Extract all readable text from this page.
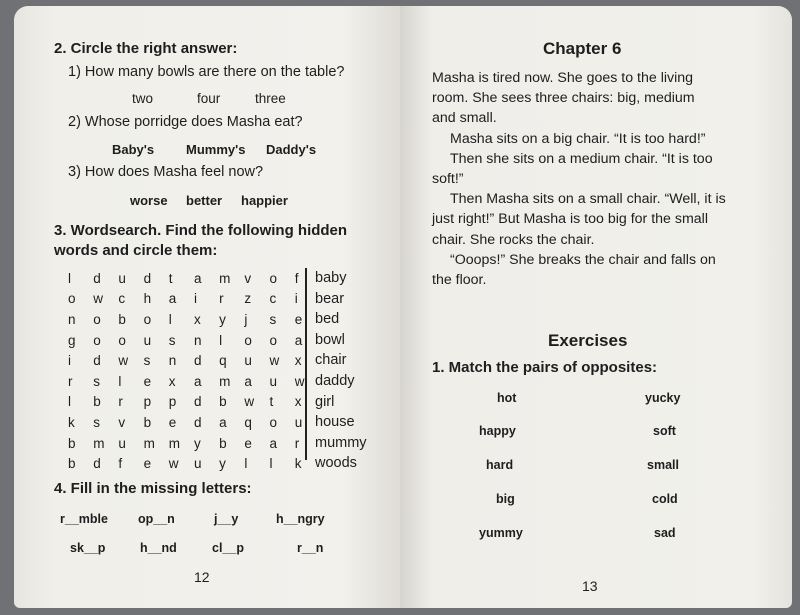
2. Circle the right answer:
1) How many bowls are there on the table?
two	four	three
2) Whose porridge does Masha eat?
Baby's Mummy's Daddy's
3) How does Masha feel now?
worse better happier
3. Wordsearch. Find the following hidden
words and circle them:
l	d	u	d	t	a	m	v	o	f
o	w	c	h	a	i	r	z	c	i
n	o	b	o	l	x	y	j	s	e
g	o	o	u	s	n	l	o	o	a
i	d	w	s	n	d	q	u	w	x
r	s	l	e	x	a	m	a	u	w
l	b	r	p	p	d	b	w	t	x
k	s	v	b	e	d	a	q	o	u
b	m	u	m	m	y	b	e	a	r
b	d	f	e	w	u	y	l	l	k
baby
bear
bed
bowl
chair
daddy
girl
house
mummy
woods
4. Fill in the missing letters:
r__mble op__n	j__y	h__ngry
sk__p	h__nd	cl__p	r__n
12
Chapter 6

Masha is tired now. She goes to the living

room. She sees three chairs: big, medium

and small.

Masha sits on a big chair. “It is too hard!”

Then she sits on a medium chair. “It is too

soft!”

Then Masha sits on a small chair. “Well, it is

just right!” But Masha is too big for the small

chair. She rocks the chair.

“Ooops!” She breaks the chair and falls on

the floor.

Exercises
1. Match the pairs of opposites:
13
hot
happy
hard
big
yummy
yucky
soft
small
cold
sad
